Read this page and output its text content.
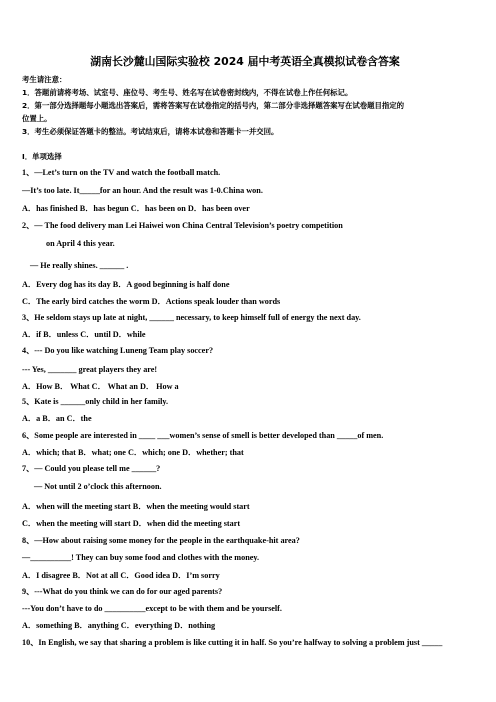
湖南长沙麓山国际实验校 2024 届中考英语全真模拟试卷含答案
考生请注意：
1．答题前请将考场、试室号、座位号、考生号、姓名写在试卷密封线内，不得在试卷上作任何标记。
2．第一部分选择题每小题选出答案后，需将答案写在试卷指定的括号内，第二部分非选择题答案写在试卷题目指定的
位置上。
3．考生必须保证答题卡的整洁。考试结束后，请将本试卷和答题卡一并交回。
Ⅰ．单项选择
1、—Let’s turn on the TV and watch the football match.
—It’s too late. It_____for an hour. And the result was 1-0.China won.
A．has finished B．has begun C．has been on D．has been over
2、— The food delivery man Lei Haiwei won China Central Television’s poetry competition
on April 4 this year.
— He really shines. ______ .
A．Every dog has its day B．A good beginning is half done
C．The early bird catches the worm D．Actions speak louder than words
3、He seldom stays up late at night, ______ necessary, to keep himself full of energy the next day.
A．if B．unless C．until D．while
4、--- Do you like watching Luneng Team play soccer?
--- Yes, _______ great players they are!
A．How B． What C． What an D． How a
5、Kate is ______only child in her family.
A．a B．an C．the
6、Some people are interested in ____ ___women’s sense of smell is better developed than _____of men.
A．which; that B．what; one C．which; one D．whether; that
7、— Could you please tell me ______?
— Not until 2 o’clock this afternoon.
A．when will the meeting start B．when the meeting would start
C．when the meeting will start D．when did the meeting start
8、—How about raising some money for the people in the earthquake-hit area?
—__________! They can buy some food and clothes with the money.
A．I disagree B．Not at all C．Good idea D．I’m sorry
9、---What do you think we can do for our aged parents?
---You don’t have to do __________except to be with them and be yourself.
A．something B．anything C．everything D．nothing
10、In English, we say that sharing a problem is like cutting it in half. So you’re halfway to solving a problem just _____
